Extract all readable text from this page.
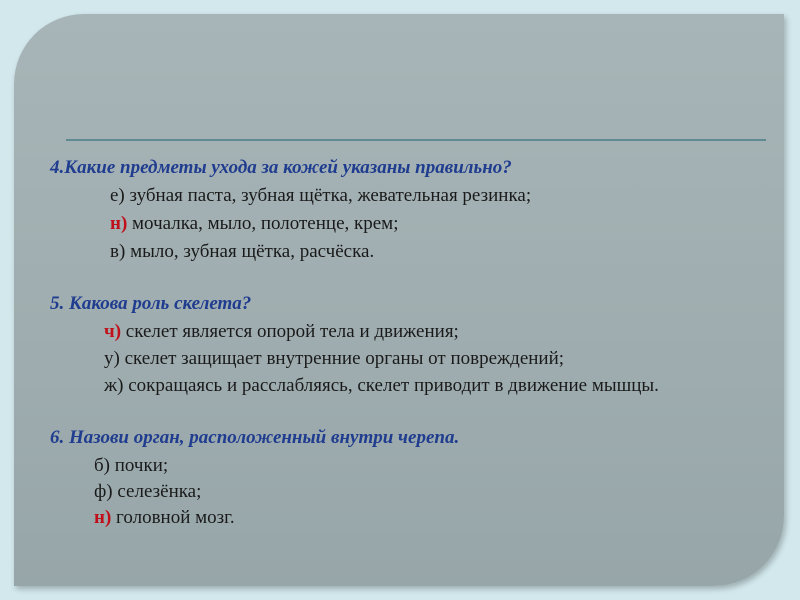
4.Какие предметы ухода за кожей указаны правильно?
е) зубная паста, зубная щётка, жевательная резинка;
н) мочалка, мыло, полотенце, крем;
в) мыло, зубная щётка, расчёска.
5. Какова роль скелета?
ч) скелет является опорой тела и движения;
у) скелет защищает внутренние органы от повреждений;
ж) сокращаясь и расслабляясь, скелет приводит в движение мышцы.
6. Назови орган, расположенный внутри черепа.
б) почки;
ф) селезёнка;
н) головной мозг.
